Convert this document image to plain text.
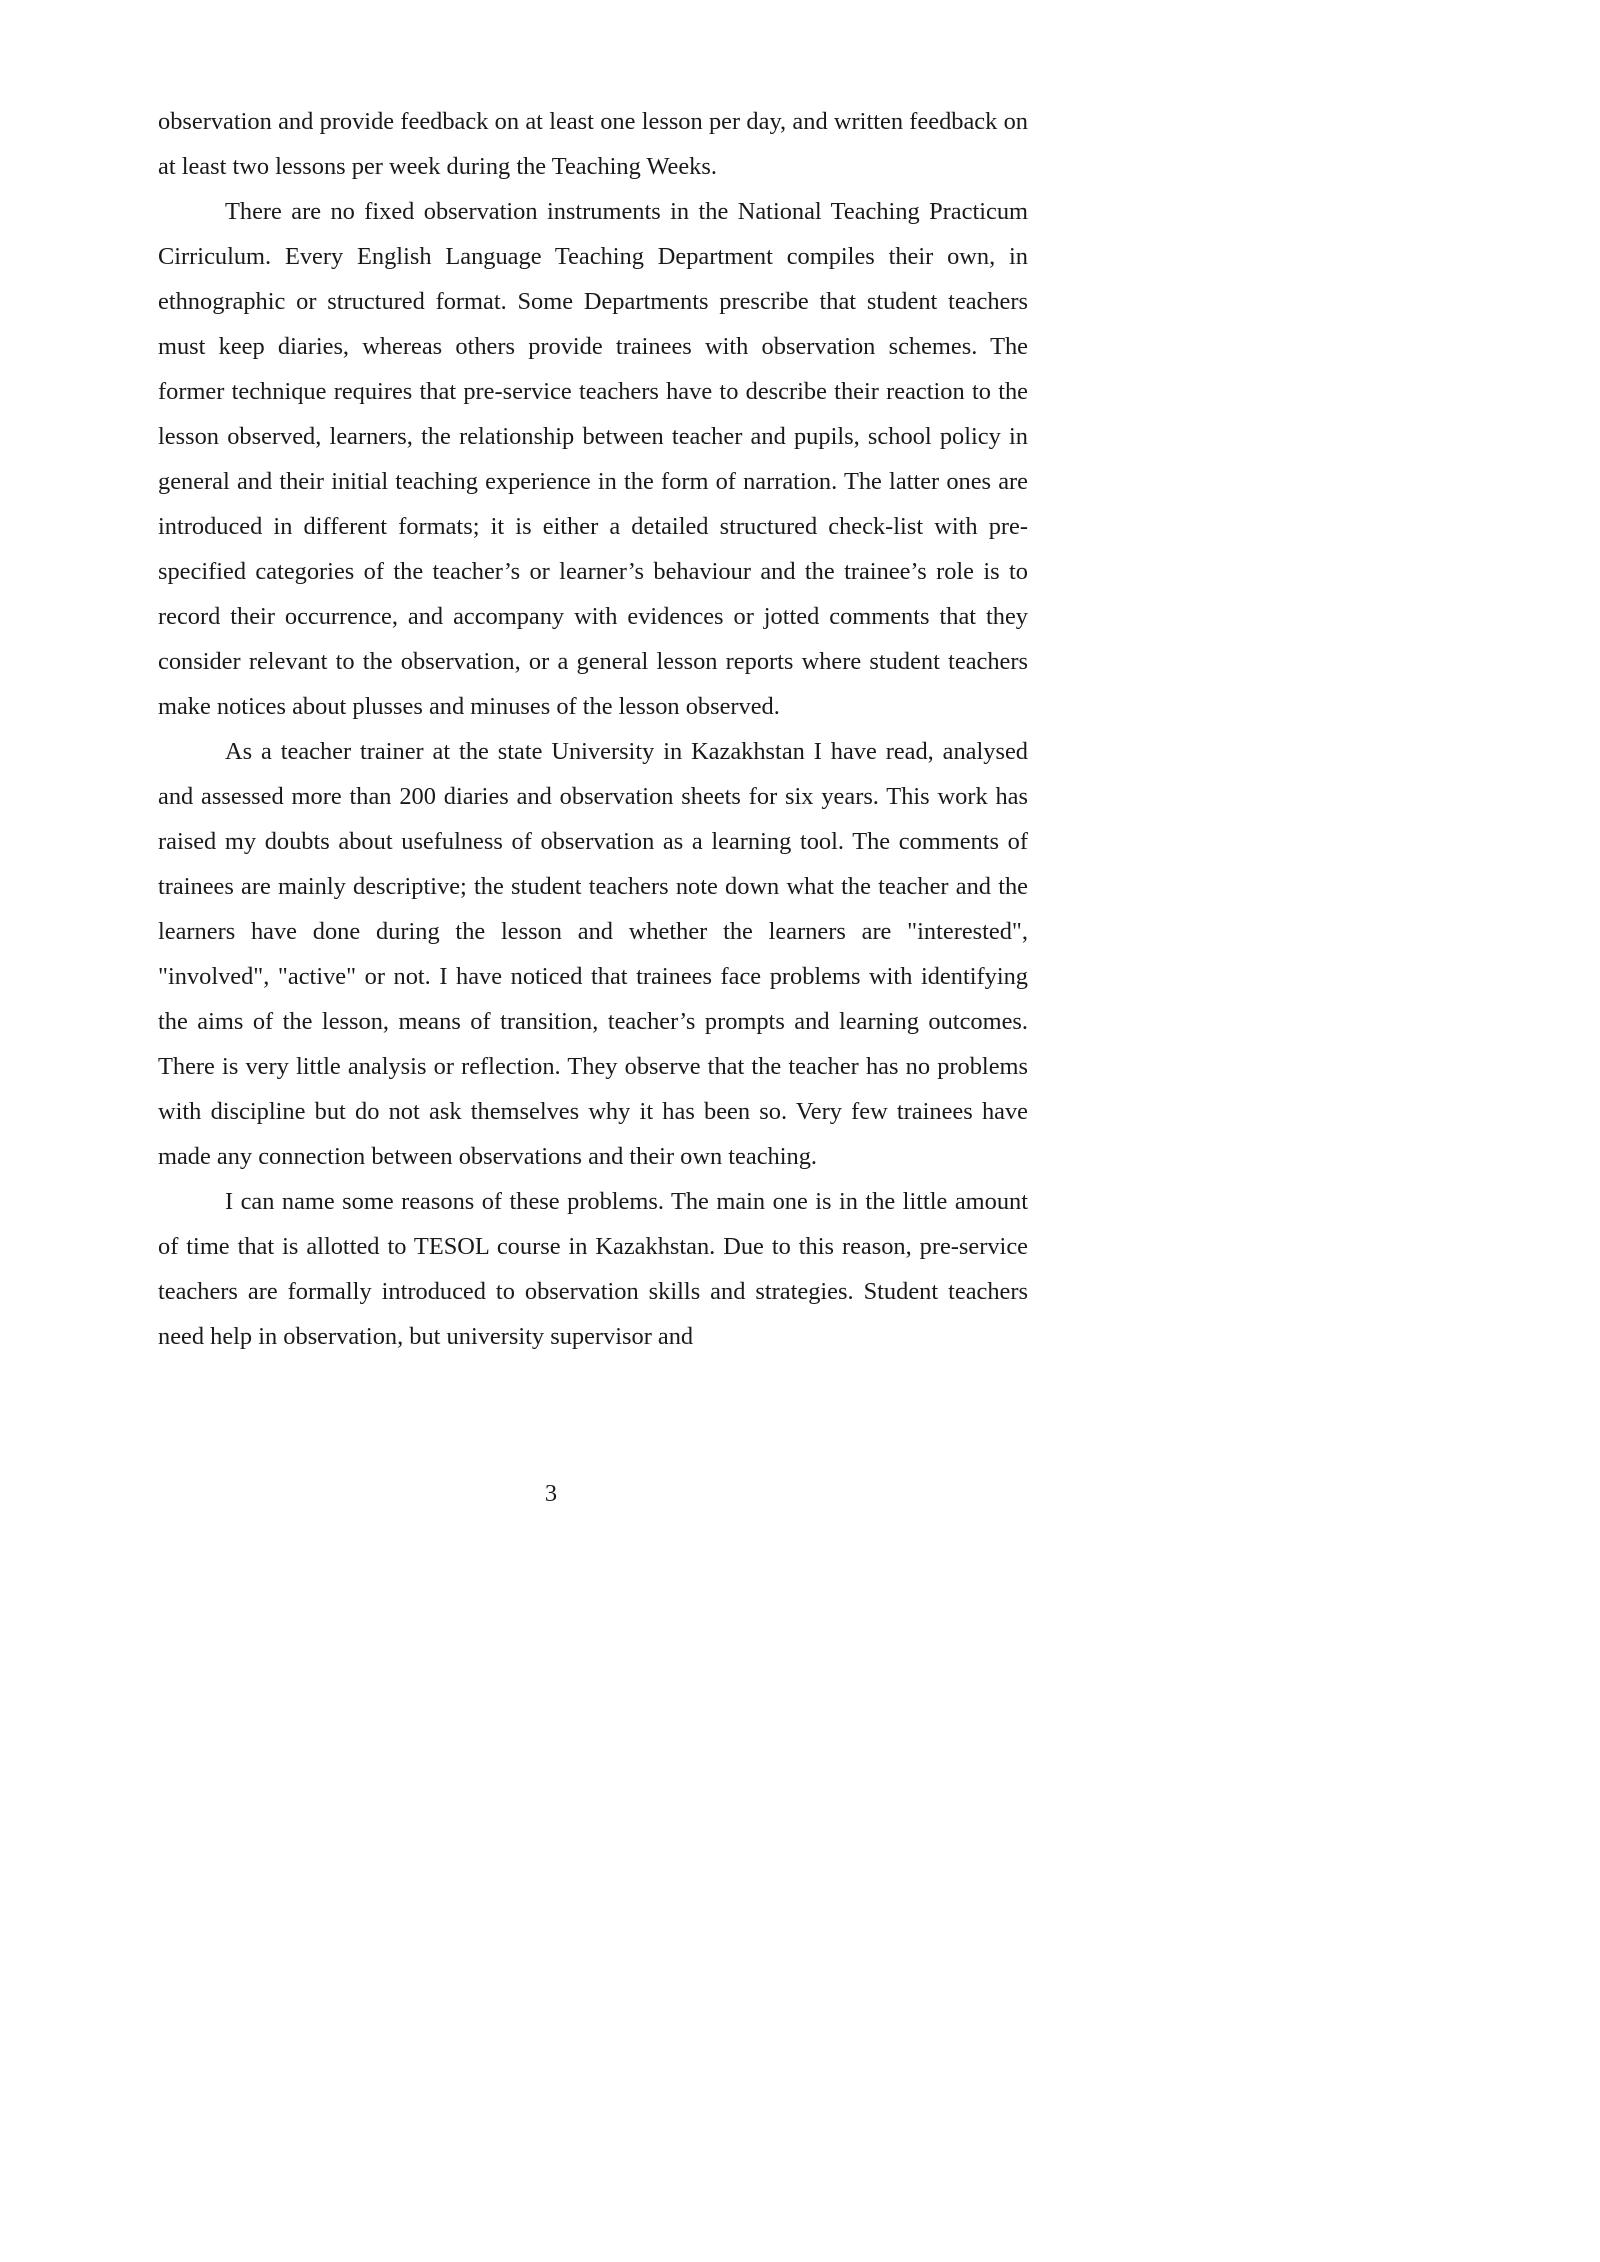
observation and provide feedback on at least one lesson per day, and written feedback on at least two lessons per week during the Teaching Weeks.

There are no fixed observation instruments in the National Teaching Practicum Cirriculum. Every English Language Teaching Department compiles their own, in ethnographic or structured format. Some Departments prescribe that student teachers must keep diaries, whereas others provide trainees with observation schemes. The former technique requires that pre-service teachers have to describe their reaction to the lesson observed, learners, the relationship between teacher and pupils, school policy in general and their initial teaching experience in the form of narration. The latter ones are introduced in different formats; it is either a detailed structured check-list with pre-specified categories of the teacher’s or learner’s behaviour and the trainee’s role is to record their occurrence, and accompany with evidences or jotted comments that they consider relevant to the observation, or a general lesson reports where student teachers make notices about plusses and minuses of the lesson observed.

As a teacher trainer at the state University in Kazakhstan I have read, analysed and assessed more than 200 diaries and observation sheets for six years. This work has raised my doubts about usefulness of observation as a learning tool. The comments of trainees are mainly descriptive; the student teachers note down what the teacher and the learners have done during the lesson and whether the learners are "interested", "involved", "active" or not. I have noticed that trainees face problems with identifying the aims of the lesson, means of transition, teacher’s prompts and learning outcomes. There is very little analysis or reflection. They observe that the teacher has no problems with discipline but do not ask themselves why it has been so. Very few trainees have made any connection between observations and their own teaching.

I can name some reasons of these problems. The main one is in the little amount of time that is allotted to TESOL course in Kazakhstan. Due to this reason, pre-service teachers are formally introduced to observation skills and strategies. Student teachers need help in observation, but university supervisor and

3
